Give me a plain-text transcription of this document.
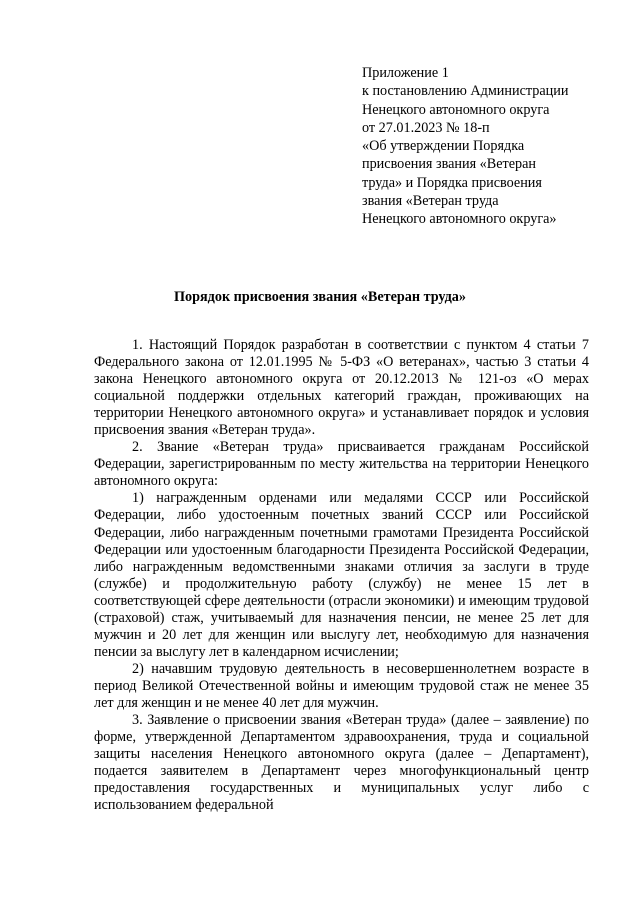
Приложение 1
к постановлению Администрации
Ненецкого автономного округа
от 27.01.2023 № 18-п
«Об утверждении Порядка
присвоения звания «Ветеран
труда» и Порядка присвоения
звания «Ветеран труда
Ненецкого автономного округа»
Порядок присвоения звания «Ветеран труда»

1. Настоящий Порядок разработан в соответствии с пунктом 4 статьи 7 Федерального закона от 12.01.1995 № 5-ФЗ «О ветеранах», частью 3 статьи 4 закона Ненецкого автономного округа от 20.12.2013 № 121-оз «О мерах социальной поддержки отдельных категорий граждан, проживающих на территории Ненецкого автономного округа» и устанавливает порядок и условия присвоения звания «Ветеран труда».

2. Звание «Ветеран труда» присваивается гражданам Российской Федерации, зарегистрированным по месту жительства на территории Ненецкого автономного округа:

1) награжденным орденами или медалями СССР или Российской Федерации, либо удостоенным почетных званий СССР или Российской Федерации, либо награжденным почетными грамотами Президента Российской Федерации или удостоенным благодарности Президента Российской Федерации, либо награжденным ведомственными знаками отличия за заслуги в труде (службе) и продолжительную работу (службу) не менее 15 лет в соответствующей сфере деятельности (отрасли экономики) и имеющим трудовой (страховой) стаж, учитываемый для назначения пенсии, не менее 25 лет для мужчин и 20 лет для женщин или выслугу лет, необходимую для назначения пенсии за выслугу лет в календарном исчислении;

2) начавшим трудовую деятельность в несовершеннолетнем возрасте в период Великой Отечественной войны и имеющим трудовой стаж не менее 35 лет для женщин и не менее 40 лет для мужчин.

3. Заявление о присвоении звания «Ветеран труда» (далее – заявление) по форме, утвержденной Департаментом здравоохранения, труда и социальной защиты населения Ненецкого автономного округа (далее – Департамент), подается заявителем в Департамент через многофункциональный центр предоставления государственных и муниципальных услуг либо с использованием федеральной
